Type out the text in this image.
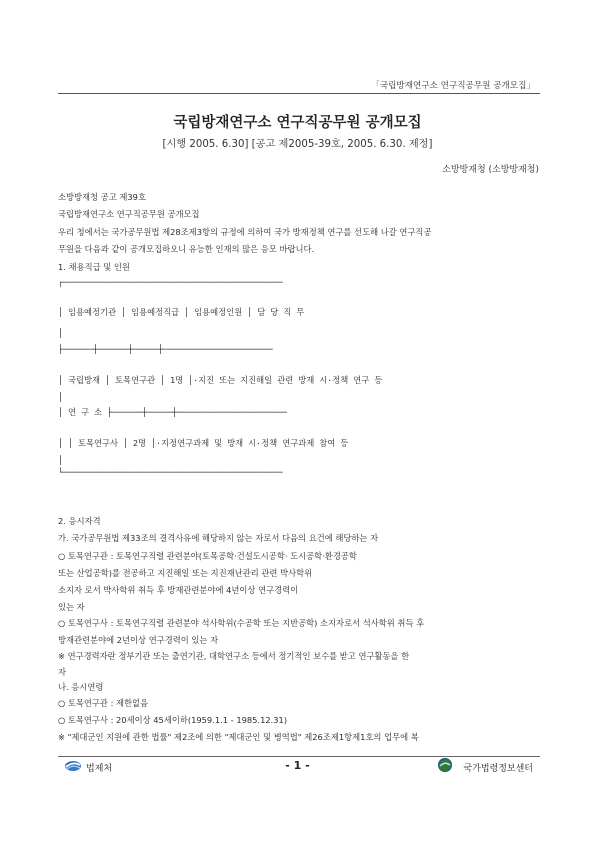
「국립방재연구소 연구직공무원 공개모집」
국립방재연구소 연구직공무원 공개모집
[시행 2005. 6.30] [공고 제2005-39호, 2005. 6.30. 제정]
소방방재청 (소방방재청)
소방방재청 공고 제39호
국립방재연구소 연구직공무원 공개모집
우리 청에서는 국가공무원법 제28조제3항의 규정에 의하여 국가 방재정책 연구를 선도해 나갈 연구직공
무원을 다음과 같이 공개모집하오니 유능한 인재의 많은 응모 바랍니다.
1. 채용직급 및 인원
┌────────────────────────────────────────────
│ 임용예정기관 │ 임용예정직급 │ 임용예정인원 │ 담 당 직 무
│
├──────┼──────┼─────┼──────────────────────
│ 국립방재 │ 토목연구관 │ 1명 │·지진 또는 지진해일 관련 방재 시·정책 연구 등
│
│ 연 구 소 ├──────┼─────┼──────────────────────
│ │ 토목연구사 │ 2명 │·지정연구과제 및 방재 시·정책 연구과제 참여 등
│
└────────────────────────────────────────────
2. 응시자격
가. 국가공무원법 제33조의 결격사유에 해당하지 않는 자로서 다음의 요건에 해당하는 자
○ 토목연구관 : 토목연구직렬 관련분야(토목공학·건설도시공학· 도시공학·환경공학
또는 산업공학)를 전공하고 지진해일 또는 지진재난관리 관련 박사학위
소지자 로서 박사학위 취득 후 방재관련분야에 4년이상 연구경력이
있는 자
○ 토목연구사 : 토목연구직렬 관련분야 석사학위(수공학 또는 지반공학) 소지자로서 석사학위 취득 후
방재관련분야에 2년이상 연구경력이 있는 자
※ 연구경력자란 정부기관 또는 출연기관, 대학연구소 등에서 정기적인 보수를 받고 연구활동을 한
자
나. 응시연령
○ 토목연구관 : 제한없음
○ 토목연구사 : 20세이상 45세이하(1959.1.1 - 1985.12.31)
※ "제대군인 지원에 관한 법률" 제2조에 의한 "제대군인 및 병역법" 제26조제1항제1호의 업무에 복
법제처	- 1 -	국가법령정보센터
